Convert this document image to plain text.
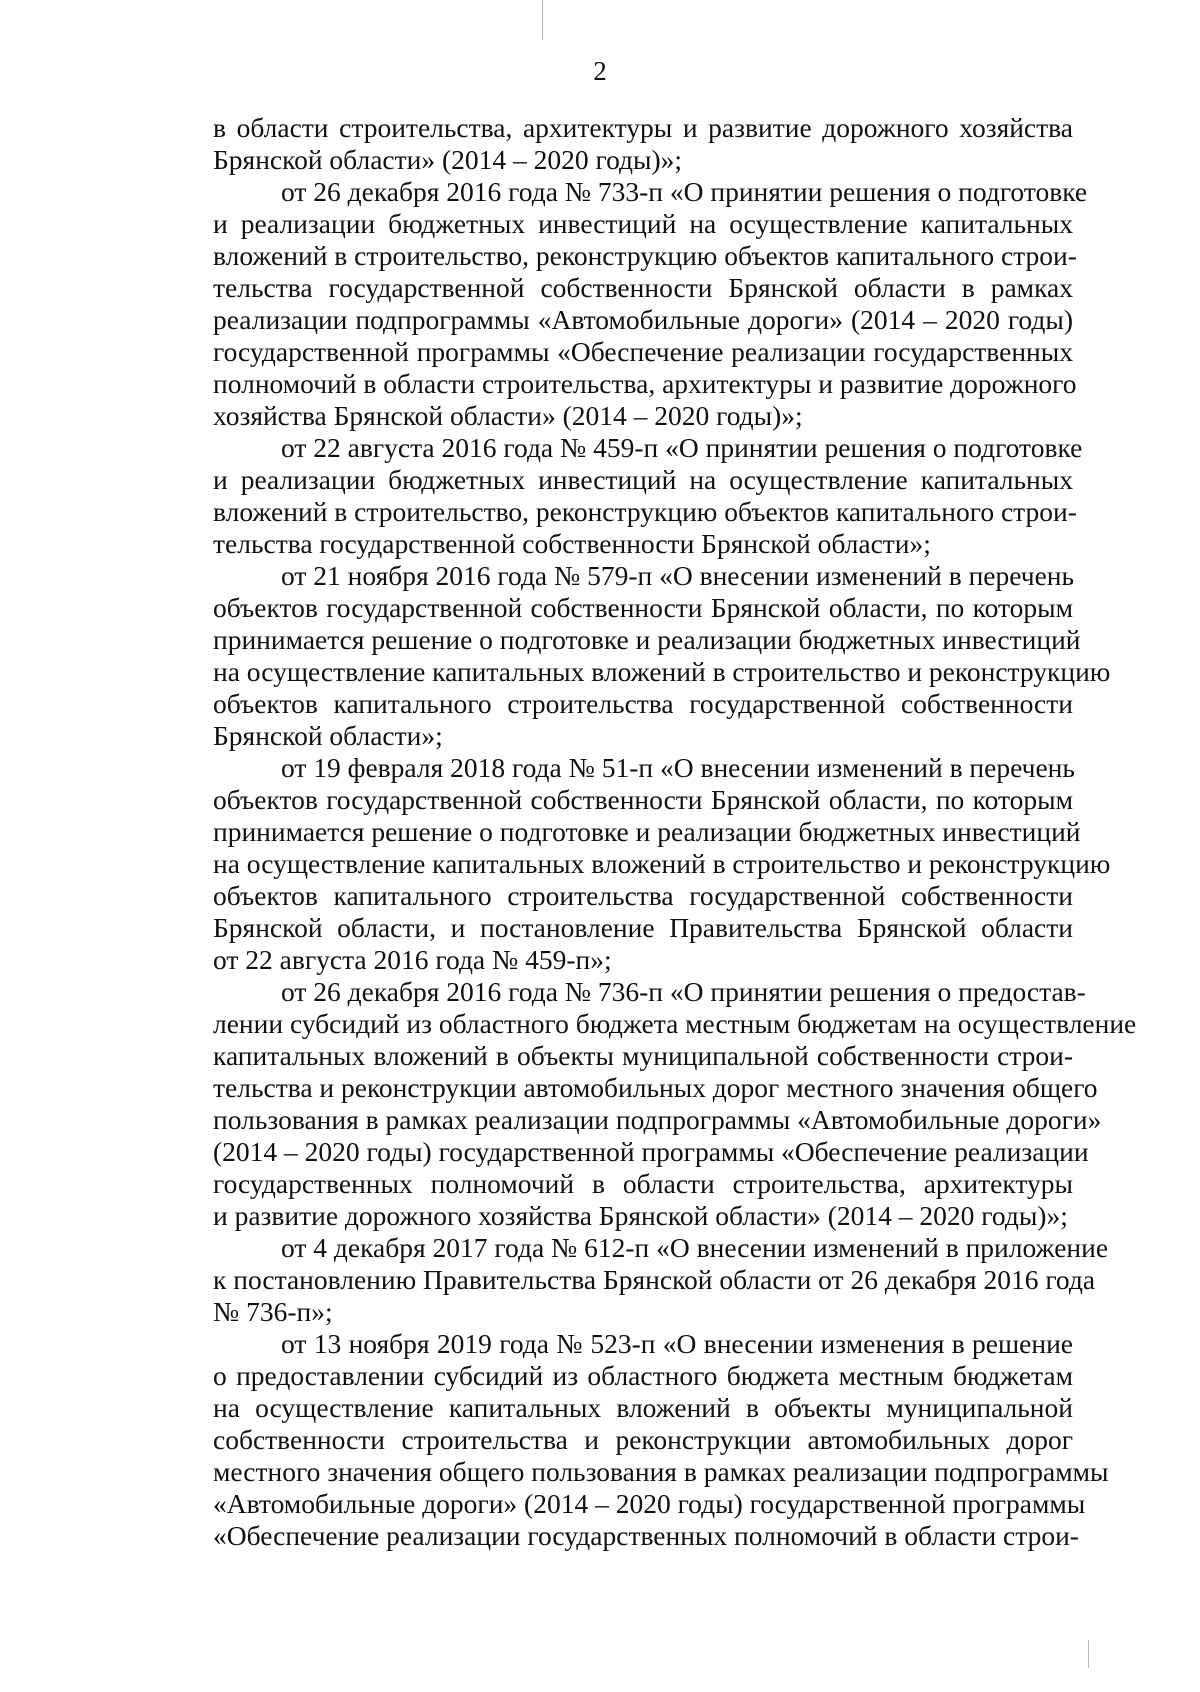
2
в области строительства, архитектуры и развитие дорожного хозяйства
Брянской области» (2014 – 2020 годы)»;
от 26 декабря 2016 года № 733-п «О принятии решения о подготовке
и реализации бюджетных инвестиций на осуществление капитальных
вложений в строительство, реконструкцию объектов капитального строи-
тельства государственной собственности Брянской области в рамках
реализации подпрограммы «Автомобильные дороги» (2014 – 2020 годы)
государственной программы «Обеспечение реализации государственных
полномочий в области строительства, архитектуры и развитие дорожного
хозяйства Брянской области» (2014 – 2020 годы)»;
от 22 августа 2016 года № 459-п «О принятии решения о подготовке
и реализации бюджетных инвестиций на осуществление капитальных
вложений в строительство, реконструкцию объектов капитального строи-
тельства государственной собственности Брянской области»;
от 21 ноября 2016 года № 579-п «О внесении изменений в перечень
объектов государственной собственности Брянской области, по которым
принимается решение о подготовке и реализации бюджетных инвестиций
на осуществление капитальных вложений в строительство и реконструкцию
объектов капитального строительства государственной собственности
Брянской области»;
от 19 февраля 2018 года № 51-п «О внесении изменений в перечень
объектов государственной собственности Брянской области, по которым
принимается решение о подготовке и реализации бюджетных инвестиций
на осуществление капитальных вложений в строительство и реконструкцию
объектов капитального строительства государственной собственности
Брянской области, и постановление Правительства Брянской области
от 22 августа 2016 года № 459-п»;
от 26 декабря 2016 года № 736-п «О принятии решения о предостав-
лении субсидий из областного бюджета местным бюджетам на осуществление
капитальных вложений в объекты муниципальной собственности строи-
тельства и реконструкции автомобильных дорог местного значения общего
пользования в рамках реализации подпрограммы «Автомобильные дороги»
(2014 – 2020 годы) государственной программы «Обеспечение реализации
государственных полномочий в области строительства, архитектуры
и развитие дорожного хозяйства Брянской области» (2014 – 2020 годы)»;
от 4 декабря 2017 года № 612-п «О внесении изменений в приложение
к постановлению Правительства Брянской области от 26 декабря 2016 года
№ 736-п»;
от 13 ноября 2019 года № 523-п «О внесении изменения в решение
о предоставлении субсидий из областного бюджета местным бюджетам
на осуществление капитальных вложений в объекты муниципальной
собственности строительства и реконструкции автомобильных дорог
местного значения общего пользования в рамках реализации подпрограммы
«Автомобильные дороги» (2014 – 2020 годы) государственной программы
«Обеспечение реализации государственных полномочий в области строи-
